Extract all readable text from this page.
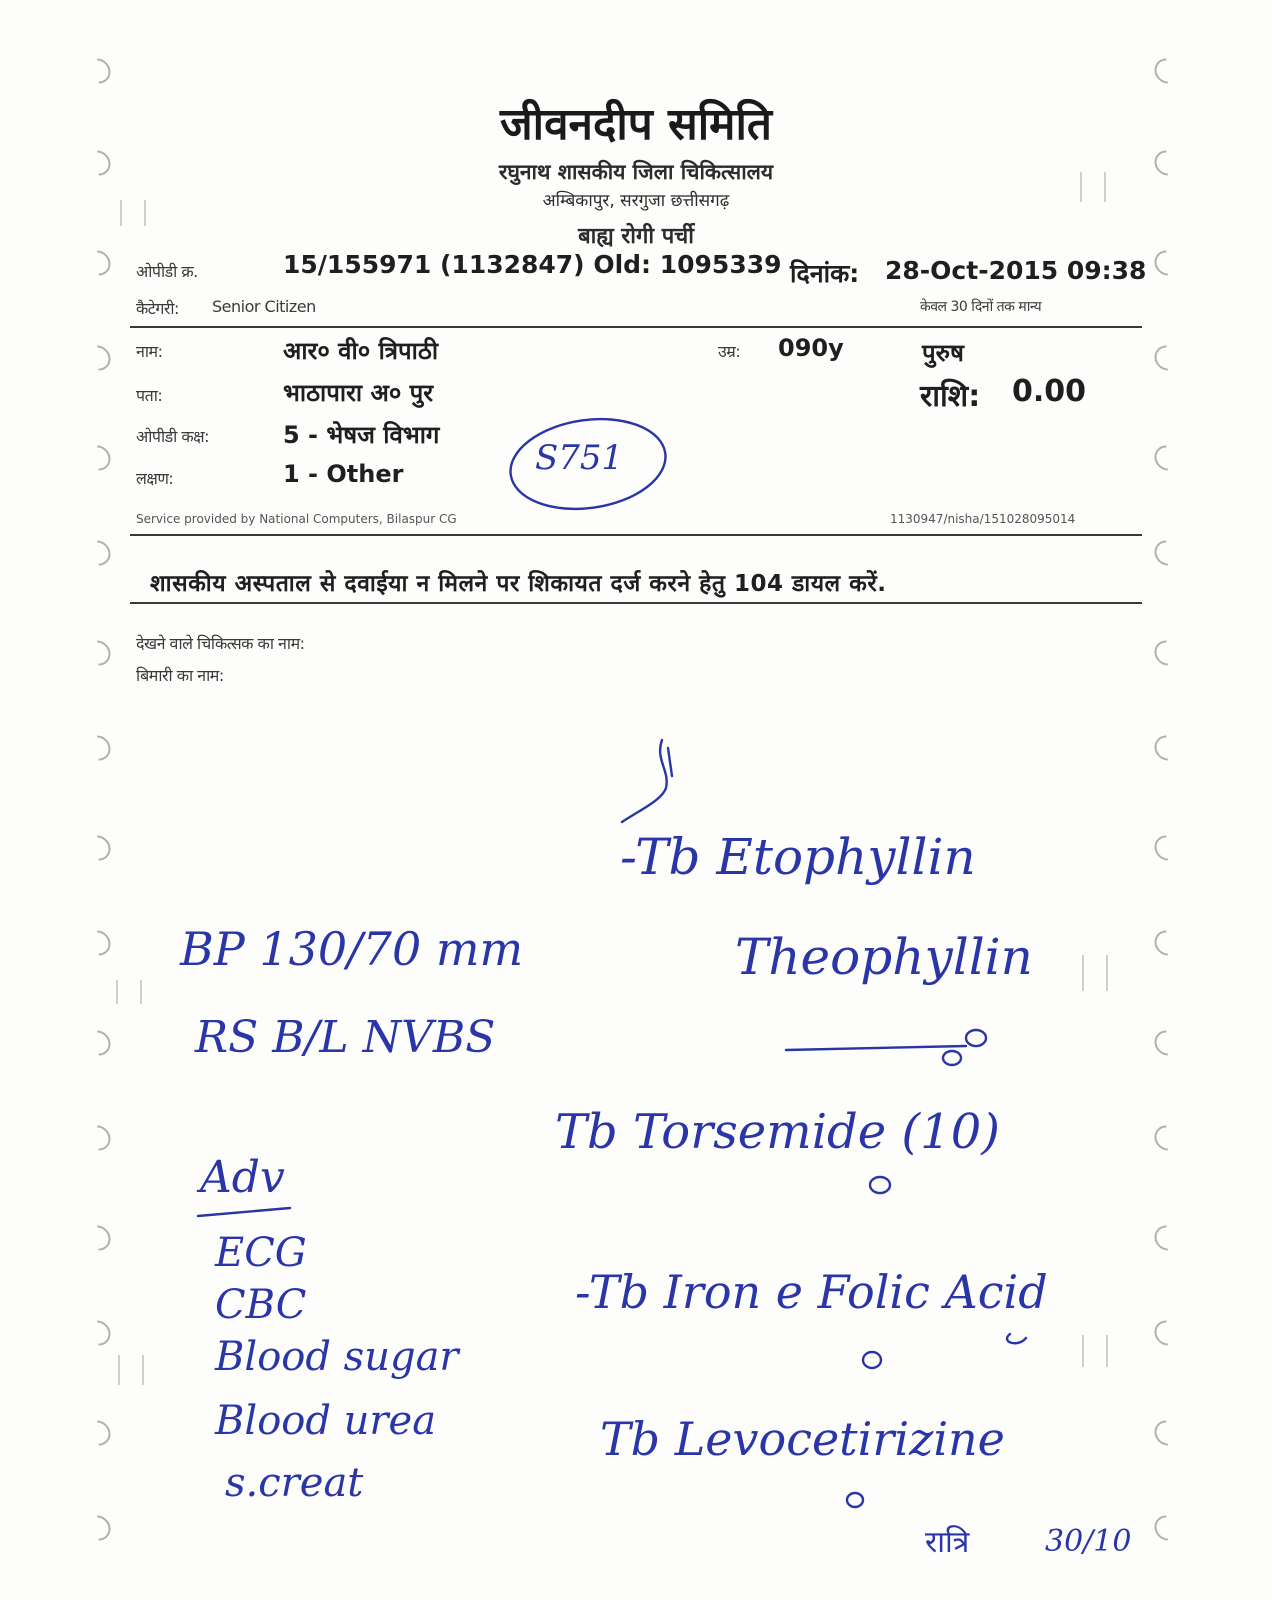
जीवनदीप समिति
रघुनाथ शासकीय जिला चिकित्सालय
अम्बिकापुर, सरगुजा छत्तीसगढ़
बाह्य रोगी पर्ची
ओपीडी क्र.	15/155971 (1132847) Old: 1095339 दिनांक: 28-Oct-2015 09:38
कैटेगरी: Senior Citizen	केवल 30 दिनों तक मान्य
नाम:	आर० वी० त्रिपाठी	उम्र: 090y	पुरुष
पता:	भाठापारा अ० पुर	राशि: 0.00
ओपीडी कक्ष:	5 - भेषज विभाग
लक्षण:	1 - Other	S751
Service provided by National Computers, Bilaspur CG	1130947/nisha/151028095014
शासकीय अस्पताल से दवाईया न मिलने पर शिकायत दर्ज करने हेतु 104 डायल करें.
देखने वाले चिकित्सक का नाम:
बिमारी का नाम:
-Tb Etophyllin
Theophyllin
BP 130/70 mm
RS B/L NVBS
Tb Torsemide (10)
Adv
ECG
CBC
Blood sugar
Blood urea
s.creat
-Tb Iron e Folic Acid
Tb Levocetirizine
रात्रि	30/10
